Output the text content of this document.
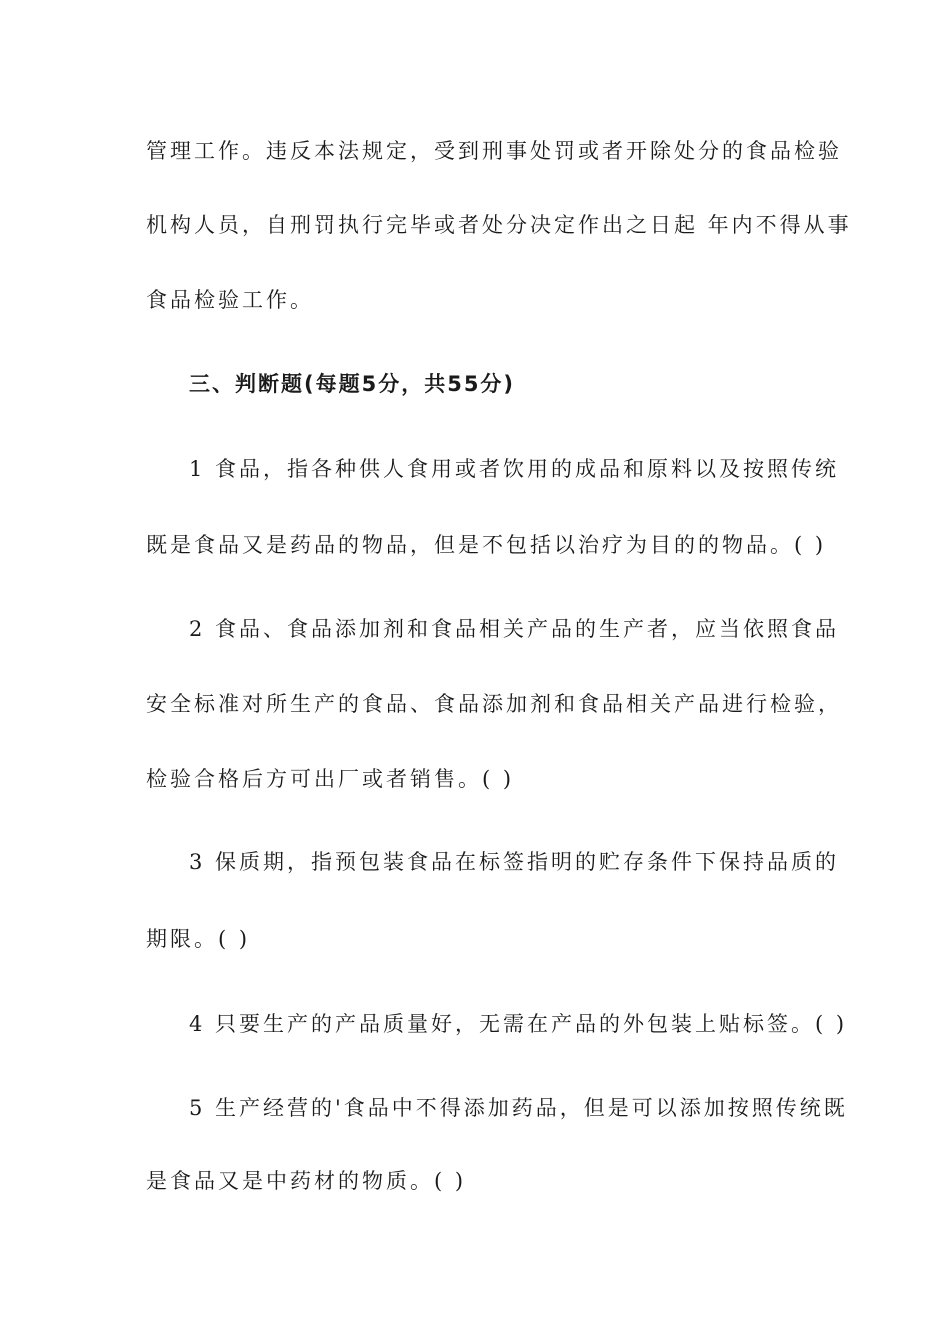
管理工作。违反本法规定，受到刑事处罚或者开除处分的食品检验
机构人员，自刑罚执行完毕或者处分决定作出之日起 年内不得从事
食品检验工作。
三、判断题(每题5分，共55分)
1 食品，指各种供人食用或者饮用的成品和原料以及按照传统
既是食品又是药品的物品，但是不包括以治疗为目的的物品。( )
2 食品、食品添加剂和食品相关产品的生产者，应当依照食品
安全标准对所生产的食品、食品添加剂和食品相关产品进行检验，
检验合格后方可出厂或者销售。( )
3 保质期，指预包装食品在标签指明的贮存条件下保持品质的
期限。( )
4 只要生产的产品质量好，无需在产品的外包装上贴标签。( )
5 生产经营的'食品中不得添加药品，但是可以添加按照传统既
是食品又是中药材的物质。( )
